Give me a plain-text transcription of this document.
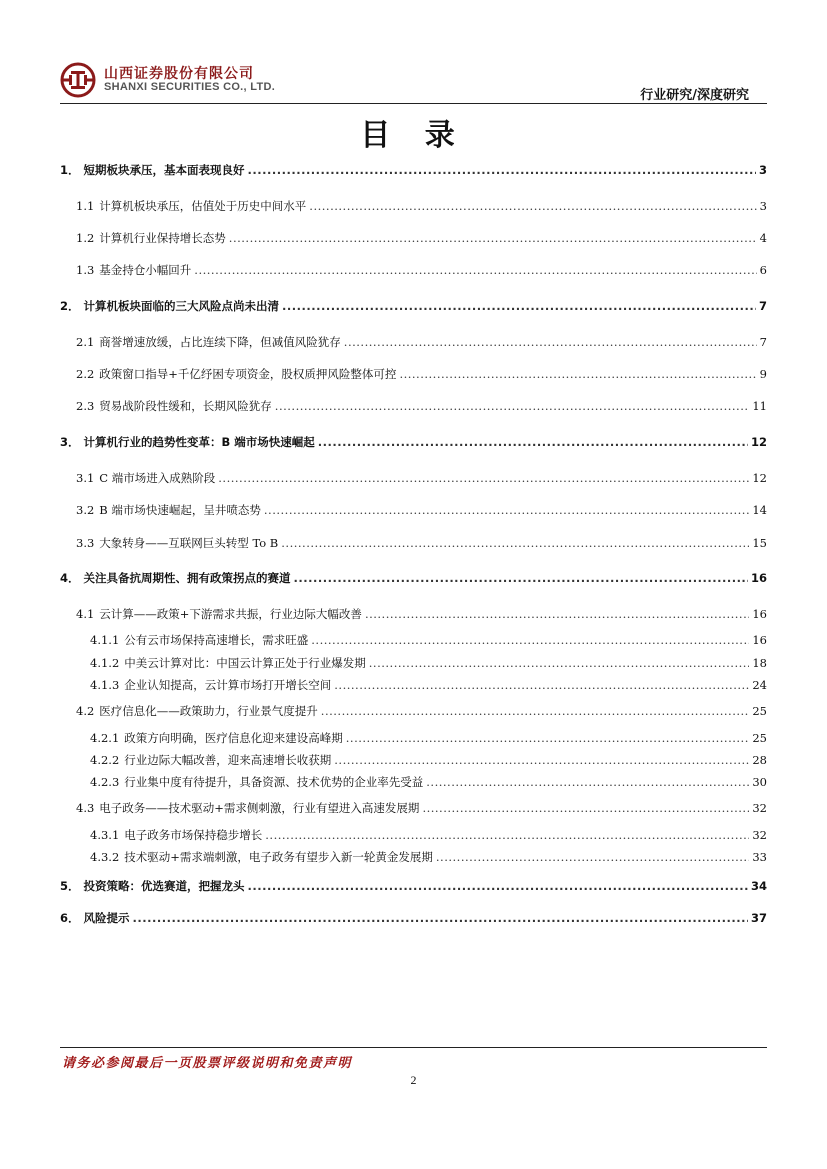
山西证券股份有限公司
SHANXI SECURITIES CO., LTD.
行业研究/深度研究
目 录
1． 短期板块承压，基本面表现良好 .....	3
1.1 计算机板块承压，估值处于历史中间水平 .....	3
1.2 计算机行业保持增长态势 .....	4
1.3 基金持仓小幅回升 .....	6
2． 计算机板块面临的三大风险点尚未出清 .....	7
2.1 商誉增速放缓，占比连续下降，但减值风险犹存 .....	7
2.2 政策窗口指导+千亿纾困专项资金，股权质押风险整体可控 .....	9
2.3 贸易战阶段性缓和，长期风险犹存 .....	11
3． 计算机行业的趋势性变革：B 端市场快速崛起 .....	12
3.1 C 端市场进入成熟阶段 .....	12
3.2 B 端市场快速崛起，呈井喷态势 .....	14
3.3 大象转身——互联网巨头转型 To B .....	15
4． 关注具备抗周期性、拥有政策拐点的赛道 .....	16
4.1 云计算——政策+下游需求共振，行业边际大幅改善 .....	16
4.1.1 公有云市场保持高速增长，需求旺盛 .....	16
4.1.2 中美云计算对比：中国云计算正处于行业爆发期 .....	18
4.1.3 企业认知提高，云计算市场打开增长空间 .....	24
4.2 医疗信息化——政策助力，行业景气度提升 .....	25
4.2.1 政策方向明确，医疗信息化迎来建设高峰期 .....	25
4.2.2 行业边际大幅改善，迎来高速增长收获期 .....	28
4.2.3 行业集中度有待提升，具备资源、技术优势的企业率先受益 .....	30
4.3 电子政务——技术驱动+需求侧刺激，行业有望进入高速发展期 .....	32
4.3.1 电子政务市场保持稳步增长 .....	32
4.3.2 技术驱动+需求端刺激，电子政务有望步入新一轮黄金发展期 .....	33
5． 投资策略：优选赛道，把握龙头 .....	34
6． 风险提示 .....	37
请务必参阅最后一页股票评级说明和免责声明
2
